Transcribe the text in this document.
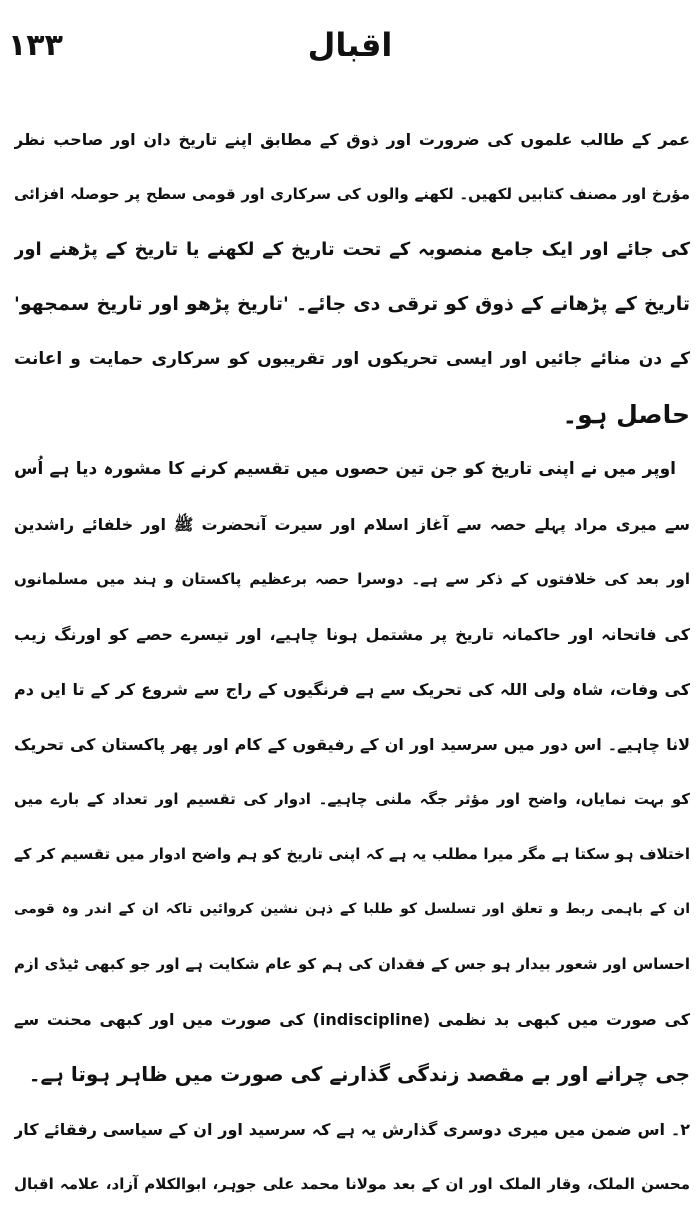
۱۳۳	اقبال
عمر کے طالب علموں کی ضرورت اور ذوق کے مطابق اپنے تاریخ دان اور صاحب نظر
مؤرخ اور مصنف کتابیں لکھیں۔ لکھنے والوں کی سرکاری اور قومی سطح پر حوصلہ افزائی
کی جائے اور ایک جامع منصوبہ کے تحت تاریخ کے لکھنے یا تاریخ کے پڑھنے اور
تاریخ کے پڑھانے کے ذوق کو ترقی دی جائے۔ 'تاریخ پڑھو اور تاریخ سمجھو'
کے دن منائے جائیں اور ایسی تحریکوں اور تقریبوں کو سرکاری حمایت و اعانت
حاصل ہو۔
اوپر میں نے اپنی تاریخ کو جن تین حصوں میں تقسیم کرنے کا مشورہ دیا ہے اُس
سے میری مراد پہلے حصہ سے آغاز اسلام اور سیرت آنحضرت ﷺ اور خلفائے راشدین
اور بعد کی خلافتوں کے ذکر سے ہے۔ دوسرا حصہ برعظیم پاکستان و ہند میں مسلمانوں
کی فاتحانہ اور حاکمانہ تاریخ پر مشتمل ہونا چاہیے، اور تیسرے حصے کو اورنگ زیب
کی وفات، شاہ ولی اللہ کی تحریک سے ہے فرنگیوں کے راج سے شروع کر کے تا ایں دم
لانا چاہیے۔ اس دور میں سرسید اور ان کے رفیقوں کے کام اور پھر پاکستان کی تحریک
کو بہت نمایاں، واضح اور مؤثر جگہ ملنی چاہیے۔ ادوار کی تقسیم اور تعداد کے بارے میں
اختلاف ہو سکتا ہے مگر میرا مطلب یہ ہے کہ اپنی تاریخ کو ہم واضح ادوار میں تقسیم کر کے
ان کے باہمی ربط و تعلق اور تسلسل کو طلبا کے ذہن نشین کروائیں تاکہ ان کے اندر وہ قومی
احساس اور شعور بیدار ہو جس کے فقدان کی ہم کو عام شکایت ہے اور جو کبھی ٹیڈی ازم
کی صورت میں کبھی بد نظمی (indiscipline) کی صورت میں اور کبھی محنت سے
جی چرانے اور بے مقصد زندگی گذارنے کی صورت میں ظاہر ہوتا ہے۔
۲۔ اس ضمن میں میری دوسری گذارش یہ ہے کہ سرسید اور ان کے سیاسی رفقائے کار
محسن الملک، وقار الملک اور ان کے بعد مولانا محمد علی جوہر، ابوالکلام آزاد، علامہ اقبال
